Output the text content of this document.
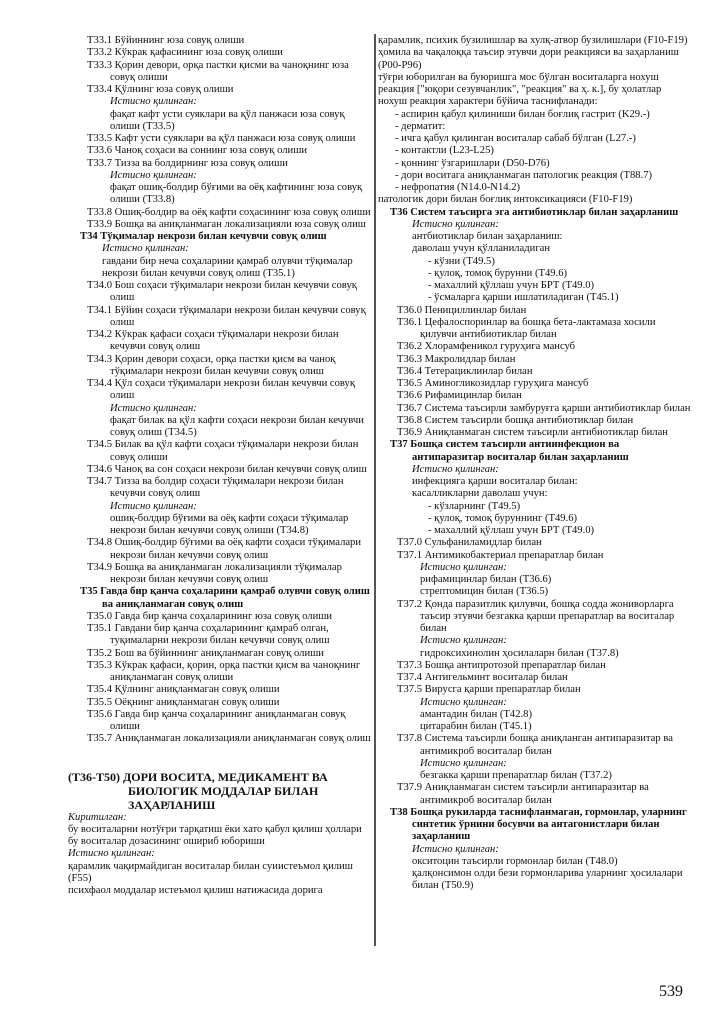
T33.1 Бўйиннинг юза совуқ олиши
T33.2 Кўкрак қафасининг юза совуқ олиши
T33.3 Қорин девори, орқа пастки қисми ва чаноқнинг юза совуқ олиши
T33.4 Қўлнинг юза совуқ олиши
Истисно қилинган:
фақат кафт усти суяклари ва қўл панжаси юза совуқ олиши (T33.5)
T33.5 Кафт усти суяклари ва қўл панжаси юза совуқ олиши
T33.6 Чаноқ соҳаси ва соннинг юза совуқ олиши
T33.7 Тизза ва болдирнинг юза совуқ олиши
Истисно қилинган:
фақат ошиқ-болдир бўғими ва оёқ кафтининг юза совуқ олиши (T33.8)
T33.8 Ошиқ-болдир ва оёқ кафти соҳасининг юза совуқ олиши
T33.9 Бошқа ва аниқланмаган локализацияли юза совуқ олиш
T34 Тўқималар некрози билан кечувчи совуқ олиш
Истисно қилинган:
гавдани бир неча соҳаларини қамраб олувчи тўқималар некрози билан кечувчи совуқ олиш (T35.1)
T34.0 Бош соҳаси тўқималари некрози билан кечувчи совуқ олиш
T34.1 Бўйин соҳаси тўқималари некрози билан кечувчи совуқ олиш
T34.2 Кўкрак қафаси соҳаси тўқималари некрози билан кечувчи совуқ олиш
T34.3 Қорин девори соҳаси, орқа пастки қисм ва чаноқ тўқималари некрози билан кечувчи совуқ олиш
T34.4 Қўл соҳаси тўқималари некрози билан кечувчи совуқ олиш
Истисно қилинган:
фақат билак ва қўл кафти соҳаси некрози билан кечувчи совуқ олиш (T34.5)
T34.5 Билак ва қўл кафти соҳаси тўқималари некрози билан совуқ олиши
T34.6 Чаноқ ва сон соҳаси некрози билан кечувчи совуқ олиш
T34.7 Тизза ва болдир соҳаси тўқималари некрози билан кечувчи совуқ олиш
Истисно қилинган:
ошиқ-болдир бўғими ва оёқ кафти соҳаси тўқималар некрози билан кечувчи совуқ олиши (T34.8)
T34.8 Ошиқ-болдир бўғими ва оёқ кафти соҳаси тўқималари некрози билан кечувчи совуқ олиш
T34.9 Бошқа ва аниқланмаган локализацияли тўқималар некрози билан кечувчи совуқ олиш
T35 Гавда бир қанча соҳаларини қамраб олувчи совуқ олиш ва аниқланмаган совуқ олиш
T35.0 Гавда бир қанча соҳаларининг юза совуқ олиши
T35.1 Гавдани бир қанча соҳаларининг қамраб олган, туқималарни некрози билан кечувчи совуқ олиш
T35.2 Бош ва бўйиннинг аниқланмаган совуқ олиши
T35.3 Кўкрак қафаси, қорин, орқа пастки қисм ва чаноқнинг аниқланмаган совуқ олиши
T35.4 Қўлнинг аниқланмаган совуқ олиши
T35.5 Оёқнинг аниқланмаган совуқ олиши
T35.6 Гавда бир қанча соҳаларининг аниқланмаган совуқ олиши
T35.7 Аниқланмаган локализацияли аниқланмаган совуқ олиш
(T36-T50) ДОРИ ВОСИТА, МЕДИКАМЕНТ ВА БИОЛОГИК МОДДАЛАР БИЛАН ЗАҲАРЛАНИШ
Киритилган:
бу воситаларни нотўғри тарқатиш ёки хато қабул қилиш ҳоллари бу воситалар дозасининг ошириб юбориши
Истисно қилинган:
қарамлик чақирмайдиган воситалар билан суиистеъмол қилиш (F55)
психфаол моддалар истеъмол қилиш натижасида дорига
қарамлик, психик бузилишлар ва хулқ-атвор бузилишлари (F10-F19)
ҳомила ва чақалоққа таъсир этувчи дори реакцияси ва заҳарланиш (P00-P96)
тўғри юборилган ва буюришга мос бўлган воситаларга нохуш реакция ["юқори сезувчанлик", "реакция" ва ҳ. к.], бу ҳолатлар нохуш реакция характери бўйича таснифланади:
- аспирин қабул қилиниши билан боғлиқ гастрит (K29.-)
- дерматит:
- ичга қабул қилинган воситалар сабаб бўлган (L27.-)
- контактли (L23-L25)
- қоннинг ўзгаришлари (D50-D76)
- дори воситага аниқланмаган патологик реакция (T88.7)
- нефропатия (N14.0-N14.2)
патологик дори билан боғлиқ интоксикацияси (F10-F19)
T36 Систем таъсирга эга антибиотиклар билан заҳарланиш
Истисно қилинган:
антбиотиклар билан заҳарланиш:
даволаш учун қўлланиладиган
- кўзни (T49.5)
- қулоқ, томоқ бурунни (T49.6)
- махаллий қўллаш учун БРТ (T49.0)
- ўсмаларга қарши ишлатиладиган (T45.1)
T36.0 Пенициллинлар билан
T36.1 Цефалоспоринлар ва бошқа бета-лактамаза хосили қилувчи антибиотиклар билан
T36.2 Хлорамфеникол гуруҳига мансуб
T36.3 Макролидлар билан
T36.4 Тетерациклинлар билан
T36.5 Аминогликозидлар гуруҳига мансуб
T36.6 Рифамицинлар билан
T36.7 Система таъсирли замбуруғга қарши антибиотиклар билан
T36.8 Систем таъсирли бошқа антибиотиклар билан
T36.9 Аниқланмаган систем таъсирли антибиотиклар билан
T37 Бошқа систем таъсирли антиинфекцион ва антипаразитар воситалар билан заҳарланиш
Истисно қилинган:
инфекцияга қарши воситалар билан:
касалликларни даволаш учун:
- кўзларнинг (T49.5)
- қулоқ, томоқ буруннинг (T49.6)
- махаллий қўллаш учун БРТ (T49.0)
T37.0 Сульфаниламидлар билан
T37.1 Антимикобактериал препаратлар билан
Истисно қилинган:
рифамицинлар билан (T36.6)
стрептомицин билан (T36.5)
T37.2 Қонда паразитлик қилувчи, бошқа содда жониворларга таъсир этувчи безгакка қарши препаратлар ва воситалар билан
Истисно қилинган:
гидроксихинолин ҳосилаларн билан (T37.8)
T37.3 Бошқа антипротозой препаратлар билан
T37.4 Антигельминт воситалар билан
T37.5 Вирусга қарши препаратлар билан
Истисно қилинган:
амантадин билан (T42.8)
цитарабин билан (T45.1)
T37.8 Система таъсирли бошқа аниқланган антипаразитар ва антимикроб воситалар билан
Истисно қилинган:
безгакка қарши препаратлар билан (T37.2)
T37.9 Аниқланмаган систем таъсирли антипаразитар ва антимикроб воситалар билан
T38 Бошқа рукиларда таснифланмаган, гормонлар, уларнинг синтетик ўрнини босувчи ва антагонистлари билан заҳарланиш
Истисно қилинган:
окситоцин таъсирли гормонлар билан (T48.0)
қалқонсимон олди бези гормонларива уларнинг ҳосилалари билан (T50.9)
539
